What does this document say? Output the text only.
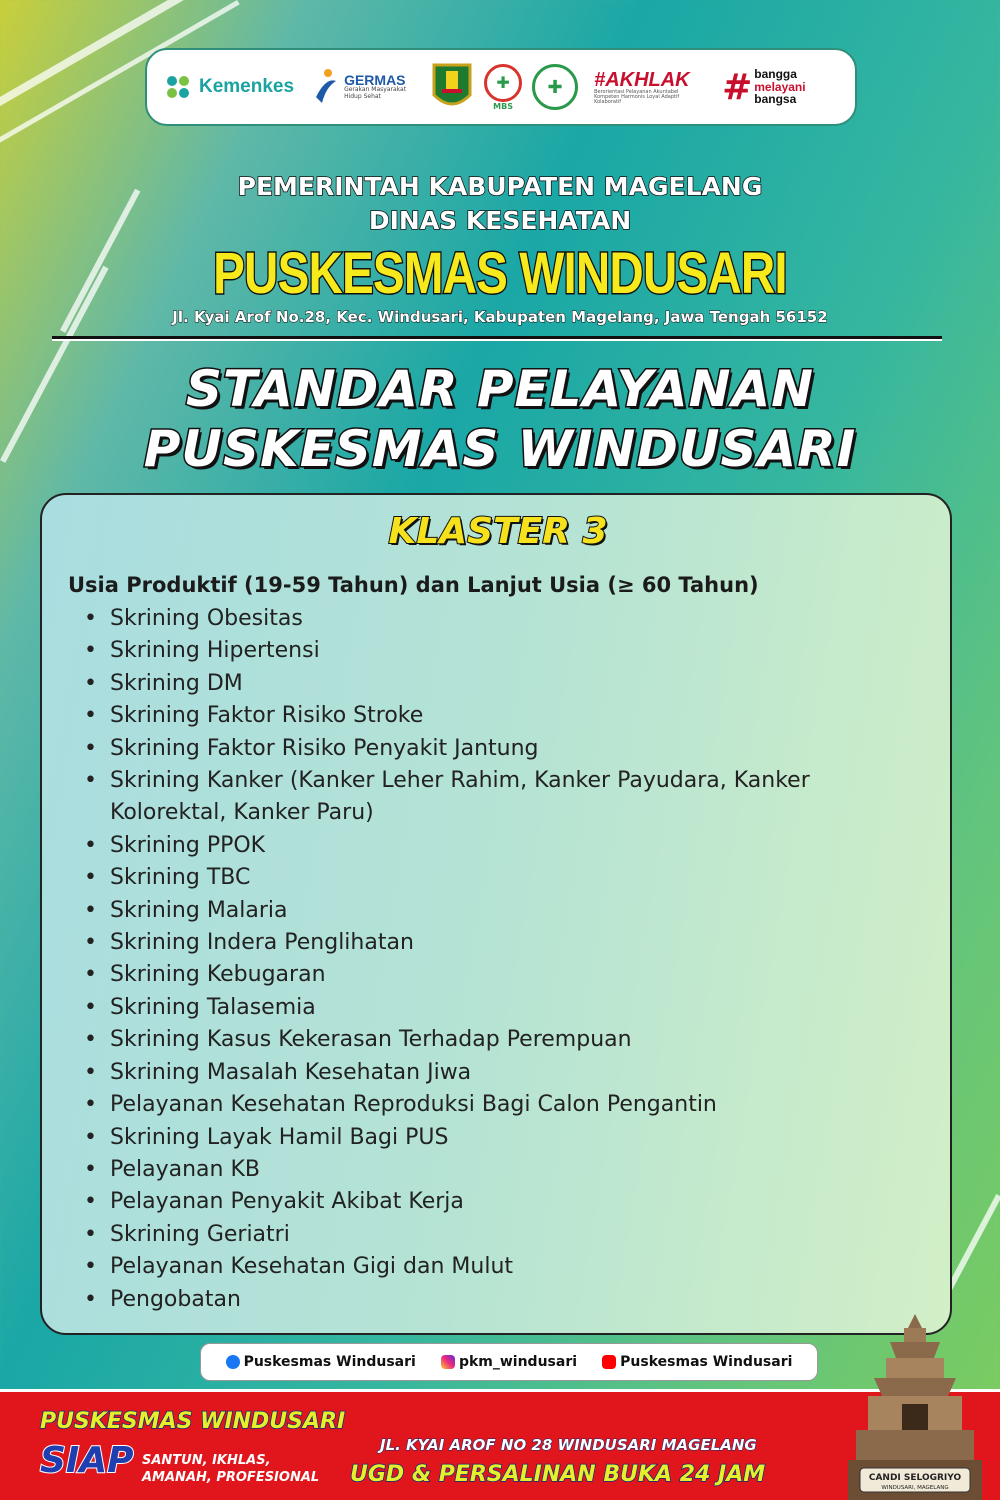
Kemenkes	GERMAS
Gerakan Masyarakat Hidup Sehat
✚
MBS
✚	#AKHLAK
Berorientasi Pelayanan Akuntabel Kompeten Harmonis Loyal Adaptif Kolaboratif	# bangga
melayani
bangsa
PEMERINTAH KABUPATEN MAGELANG
DINAS KESEHATAN
PUSKESMAS WINDUSARI
Jl. Kyai Arof No.28, Kec. Windusari, Kabupaten Magelang, Jawa Tengah 56152
STANDAR PELAYANAN
PUSKESMAS WINDUSARI
KLASTER 3
Usia Produktif (19-59 Tahun) dan Lanjut Usia (≥ 60 Tahun)
• Skrining Obesitas
• Skrining Hipertensi
• Skrining DM
• Skrining Faktor Risiko Stroke
• Skrining Faktor Risiko Penyakit Jantung
• Skrining Kanker (Kanker Leher Rahim, Kanker Payudara, Kanker Kolorektal, Kanker Paru)
• Skrining PPOK
• Skrining TBC
• Skrining Malaria
• Skrining Indera Penglihatan
• Skrining Kebugaran
• Skrining Talasemia
• Skrining Kasus Kekerasan Terhadap Perempuan
• Skrining Masalah Kesehatan Jiwa
• Pelayanan Kesehatan Reproduksi Bagi Calon Pengantin
• Skrining Layak Hamil Bagi PUS
• Pelayanan KB
• Pelayanan Penyakit Akibat Kerja
• Skrining Geriatri
• Pelayanan Kesehatan Gigi dan Mulut
• Pengobatan
Puskesmas Windusari	pkm_windusari	Puskesmas Windusari
PUSKESMAS WINDUSARI
SIAP SANTUN, IKHLAS,
AMANAH, PROFESIONAL
JL. KYAI AROF NO 28 WINDUSARI MAGELANG
UGD & PERSALINAN BUKA 24 JAM	CANDI SELOGRIYO
WINDUSARI, MAGELANG
